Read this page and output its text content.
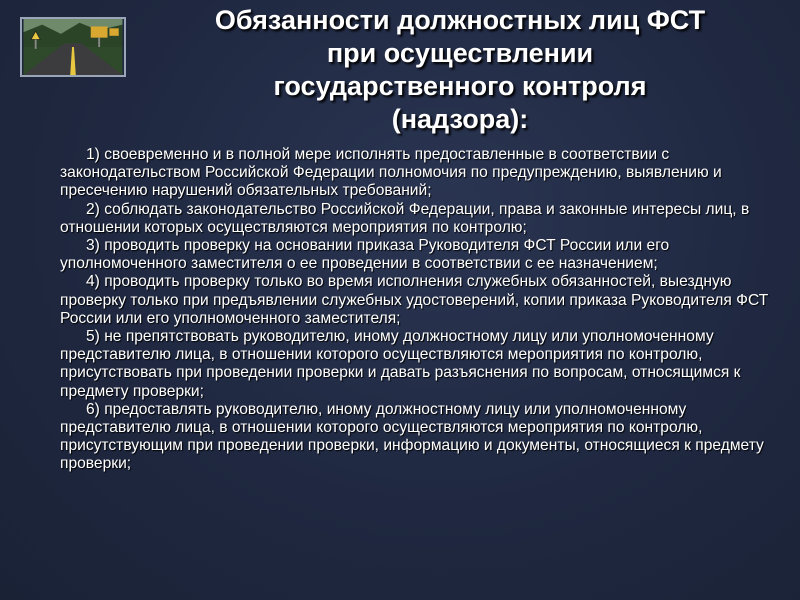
Обязанности должностных лиц ФСТ
при осуществлении
государственного контроля
(надзора):

1) своевременно и в полной мере исполнять предоставленные в соответствии с законодательством Российской Федерации полномочия по предупреждению, выявлению и пресечению нарушений обязательных требований;

2) соблюдать законодательство Российской Федерации, права и законные интересы лиц, в отношении которых осуществляются мероприятия по контролю;

3) проводить проверку на основании приказа Руководителя ФСТ России или его уполномоченного заместителя о ее проведении в соответствии с ее назначением;

4) проводить проверку только во время исполнения служебных обязанностей, выездную проверку только при предъявлении служебных удостоверений, копии приказа Руководителя ФСТ России или его уполномоченного заместителя;

5) не препятствовать руководителю, иному должностному лицу или уполномоченному представителю лица, в отношении которого осуществляются мероприятия по контролю, присутствовать при проведении проверки и давать разъяснения по вопросам, относящимся к предмету проверки;

6) предоставлять руководителю, иному должностному лицу или уполномоченному представителю лица, в отношении которого осуществляются мероприятия по контролю, присутствующим при проведении проверки, информацию и документы, относящиеся к предмету проверки;
